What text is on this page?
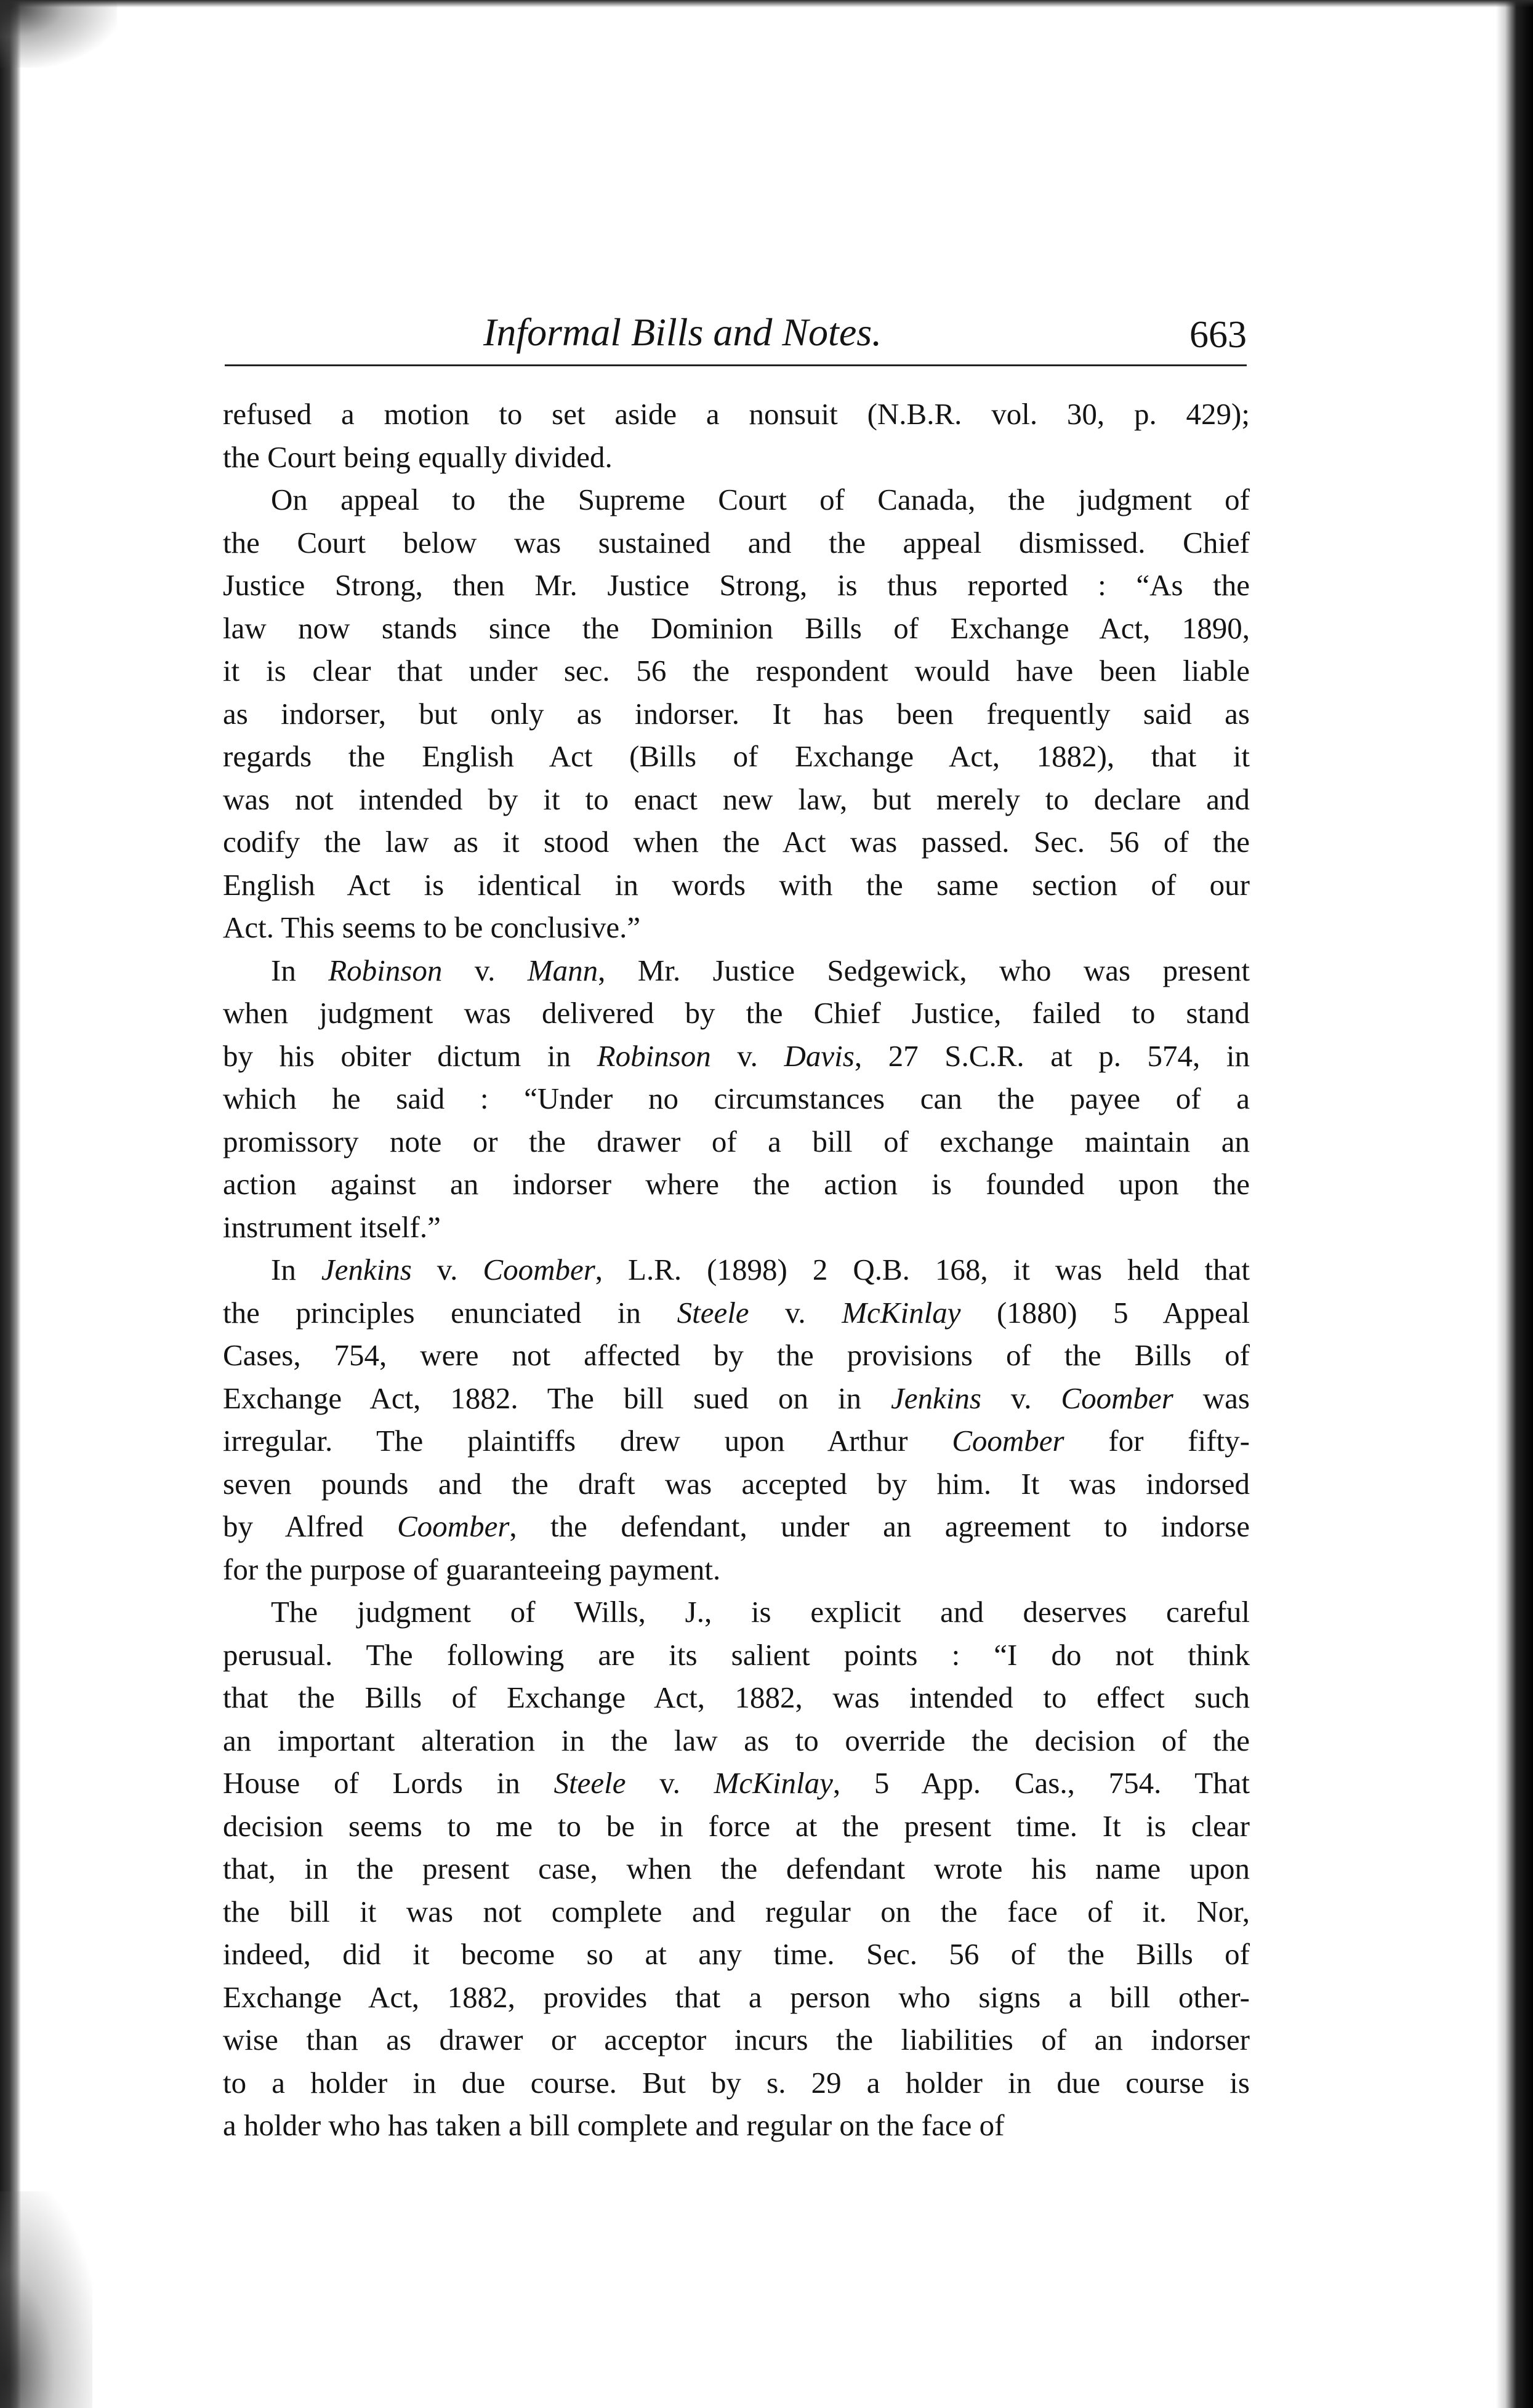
Informal Bills and Notes.	663
refused a motion to set aside a nonsuit (N.B.R. vol. 30, p. 429);
the Court being equally divided.
On appeal to the Supreme Court of Canada, the judgment of
the Court below was sustained and the appeal dismissed. Chief
Justice Strong, then Mr. Justice Strong, is thus reported : “As the
law now stands since the Dominion Bills of Exchange Act, 1890,
it is clear that under sec. 56 the respondent would have been liable
as indorser, but only as indorser. It has been frequently said as
regards the English Act (Bills of Exchange Act, 1882), that it
was not intended by it to enact new law, but merely to declare and
codify the law as it stood when the Act was passed. Sec. 56 of the
English Act is identical in words with the same section of our
Act. This seems to be conclusive.”
In Robinson v. Mann, Mr. Justice Sedgewick, who was present
when judgment was delivered by the Chief Justice, failed to stand
by his obiter dictum in Robinson v. Davis, 27 S.C.R. at p. 574, in
which he said : “Under no circumstances can the payee of a
promissory note or the drawer of a bill of exchange maintain an
action against an indorser where the action is founded upon the
instrument itself.”
In Jenkins v. Coomber, L.R. (1898) 2 Q.B. 168, it was held that
the principles enunciated in Steele v. McKinlay (1880) 5 Appeal
Cases, 754, were not affected by the provisions of the Bills of
Exchange Act, 1882. The bill sued on in Jenkins v. Coomber was
irregular. The plaintiffs drew upon Arthur Coomber for fifty-
seven pounds and the draft was accepted by him. It was indorsed
by Alfred Coomber, the defendant, under an agreement to indorse
for the purpose of guaranteeing payment.
The judgment of Wills, J., is explicit and deserves careful
perusual. The following are its salient points : “I do not think
that the Bills of Exchange Act, 1882, was intended to effect such
an important alteration in the law as to override the decision of the
House of Lords in Steele v. McKinlay, 5 App. Cas., 754. That
decision seems to me to be in force at the present time. It is clear
that, in the present case, when the defendant wrote his name upon
the bill it was not complete and regular on the face of it. Nor,
indeed, did it become so at any time. Sec. 56 of the Bills of
Exchange Act, 1882, provides that a person who signs a bill other-
wise than as drawer or acceptor incurs the liabilities of an indorser
to a holder in due course. But by s. 29 a holder in due course is
a holder who has taken a bill complete and regular on the face of
